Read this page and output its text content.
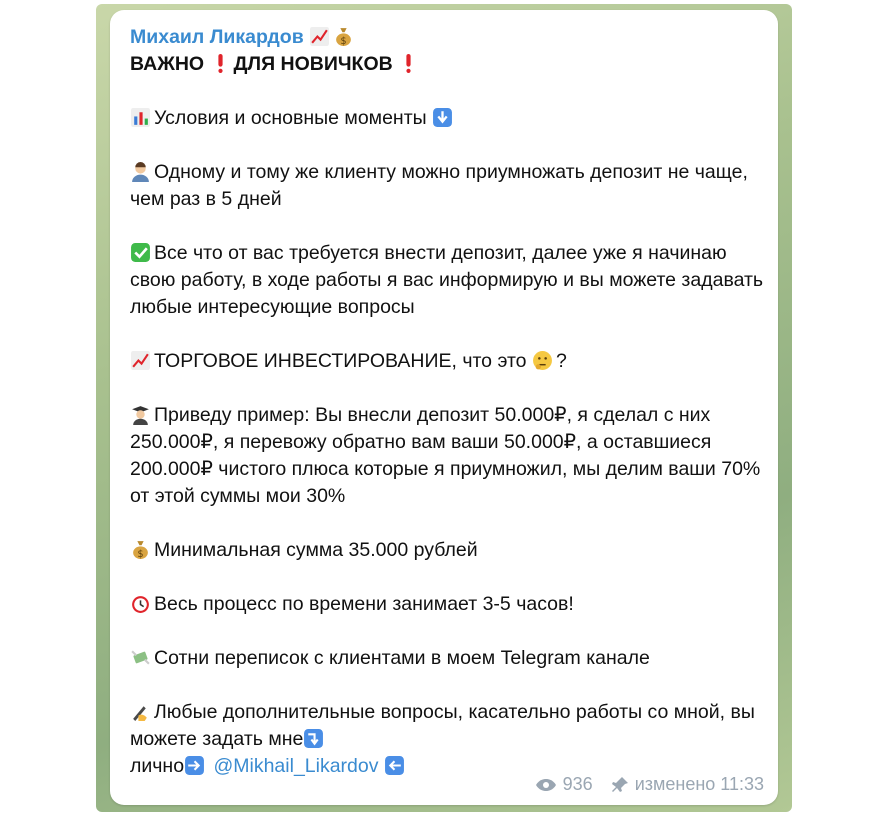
Михаил Ликардов	$
ВАЖНО ДЛЯ НОВИЧКОВ
Условия и основные моменты
Одному и тому же клиенту можно приумножать депозит не чаще, чем раз в 5 дней
Все что от вас требуется внести депозит, далее уже я начинаю свою работу, в ходе работы я вас информирую и вы можете задавать любые интересующие вопросы
ТОРГОВОЕ ИНВЕСТИРОВАНИЕ, что это ?
Приведу пример: Вы внесли депозит 50.000₽, я сделал с них 250.000₽, я перевожу обратно вам ваши 50.000₽, а оставшиеся 200.000₽ чистого плюса которые я приумножил, мы делим ваши 70% от этой суммы мои 30%
$ Минимальная сумма 35.000 рублей
Весь процесс по времени занимает 3-5 часов!
Сотни переписок с клиентами в моем Telegram канале
Любые дополнительные вопросы, касательно работы со мной, вы можете задать мне
лично @Mikhail_Likardov
936 изменено 11:33
